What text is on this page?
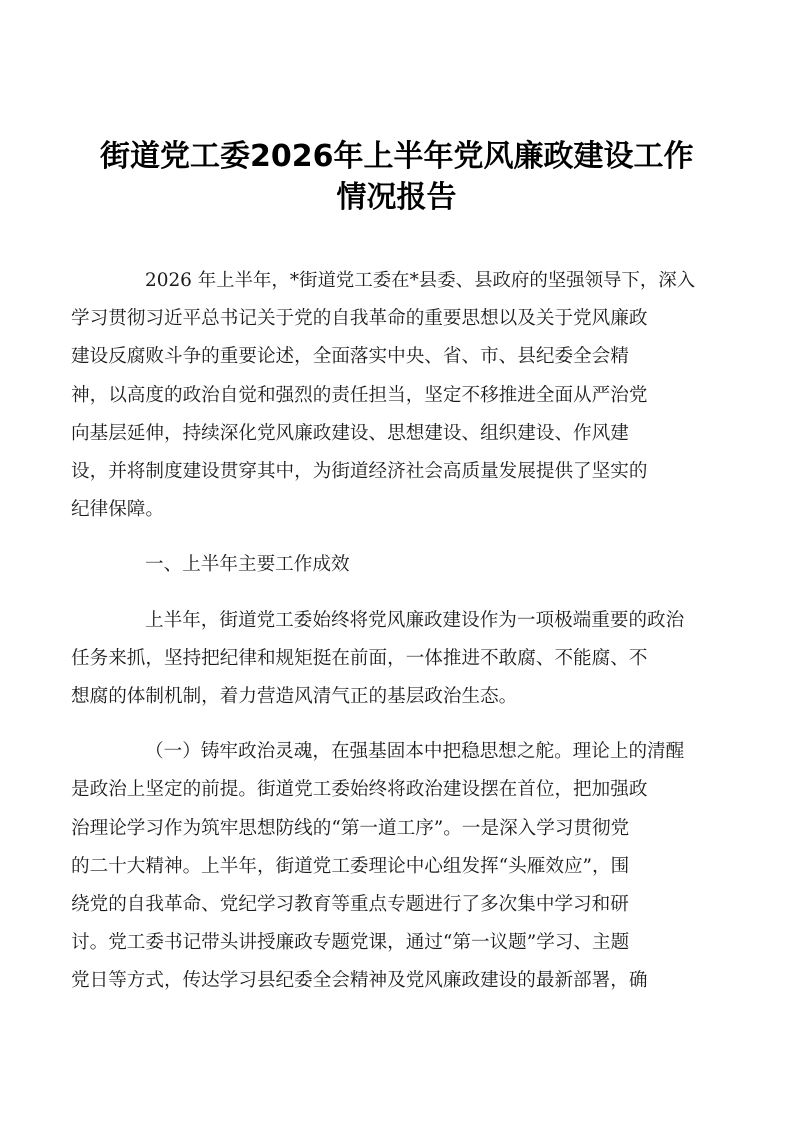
街道党工委2026年上半年党风廉政建设工作
情况报告
2026 年上半年，*街道党工委在*县委、县政府的坚强领导下，深入
学习贯彻习近平总书记关于党的自我革命的重要思想以及关于党风廉政
建设反腐败斗争的重要论述，全面落实中央、省、市、县纪委全会精
神，以高度的政治自觉和强烈的责任担当，坚定不移推进全面从严治党
向基层延伸，持续深化党风廉政建设、思想建设、组织建设、作风建
设，并将制度建设贯穿其中，为街道经济社会高质量发展提供了坚实的
纪律保障。
一、上半年主要工作成效
上半年，街道党工委始终将党风廉政建设作为一项极端重要的政治
任务来抓，坚持把纪律和规矩挺在前面，一体推进不敢腐、不能腐、不
想腐的体制机制，着力营造风清气正的基层政治生态。
（一）铸牢政治灵魂，在强基固本中把稳思想之舵。理论上的清醒
是政治上坚定的前提。街道党工委始终将政治建设摆在首位，把加强政
治理论学习作为筑牢思想防线的“第一道工序”。一是深入学习贯彻党
的二十大精神。上半年，街道党工委理论中心组发挥“头雁效应”，围
绕党的自我革命、党纪学习教育等重点专题进行了多次集中学习和研
讨。党工委书记带头讲授廉政专题党课，通过“第一议题”学习、主题
党日等方式，传达学习县纪委全会精神及党风廉政建设的最新部署，确
